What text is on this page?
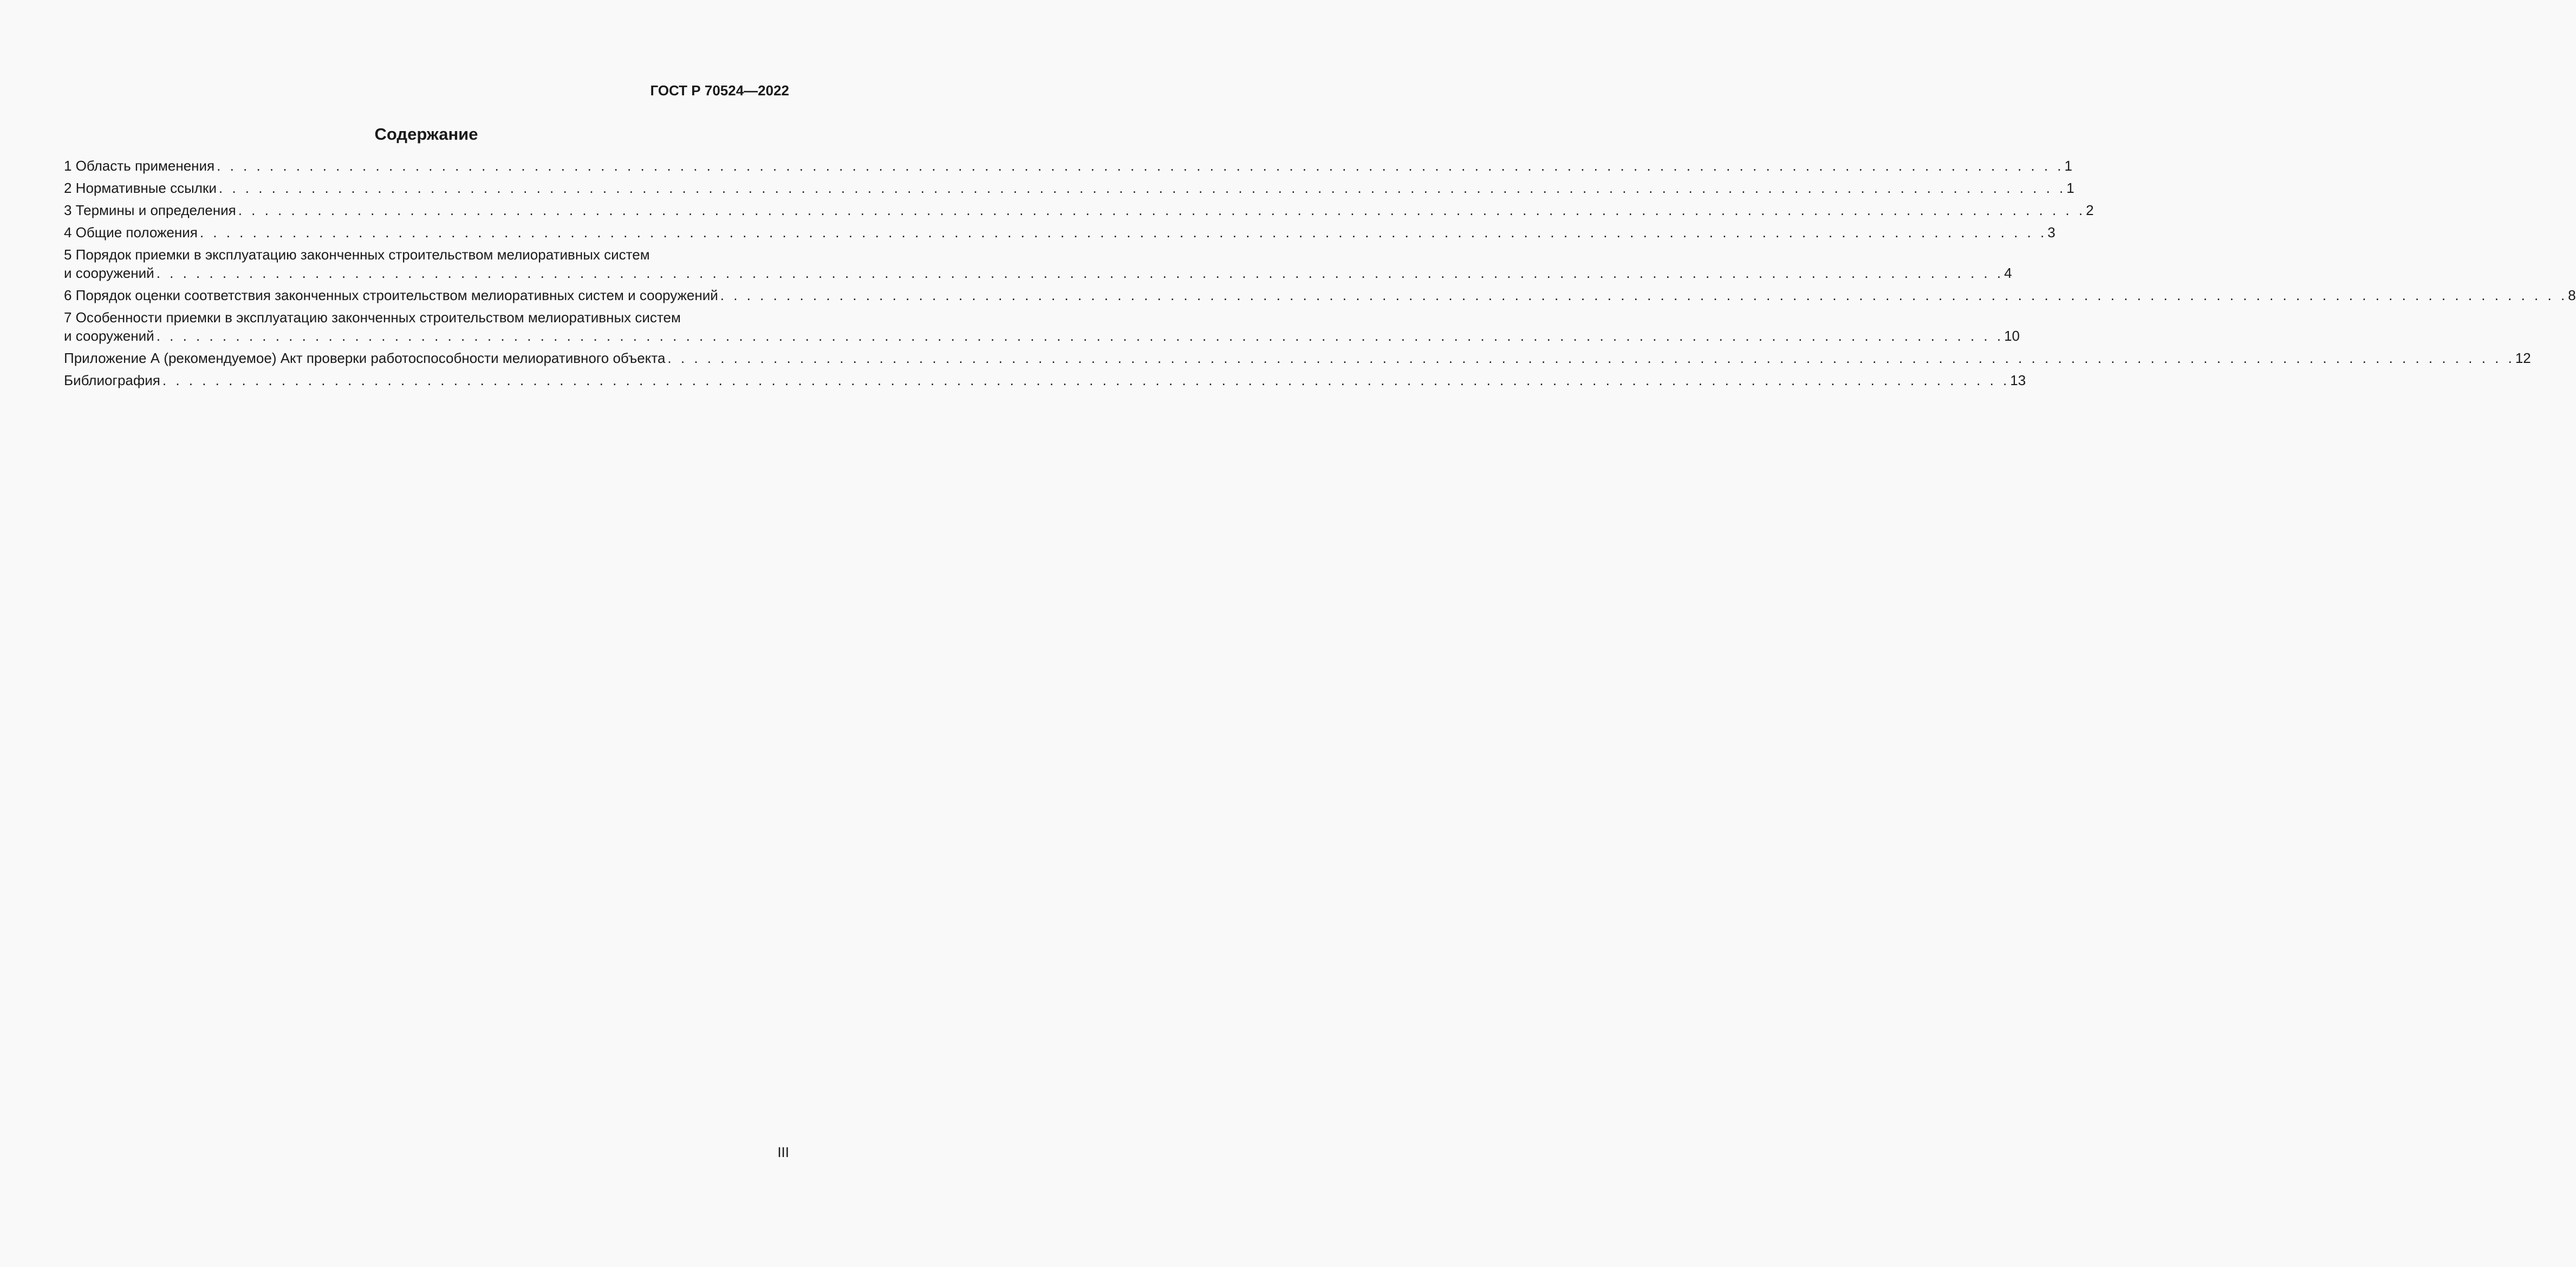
ГОСТ Р 70524—2022
Содержание
1 Область применения . . . . . . . . . . . . . . . . . . . . . . . . . . . . . . . . . . . . . . . . . . . . . . . . . . . . . . . . . . . . . . . . . . . . . . . . . . . . . . . . . . . . . . . . . . . . . . . . . . . . . . . . . . . . . . . . . . . . . . . . . . . . . . . . . . . . . . . . . . . . 1
2 Нормативные ссылки . . . . . . . . . . . . . . . . . . . . . . . . . . . . . . . . . . . . . . . . . . . . . . . . . . . . . . . . . . . . . . . . . . . . . . . . . . . . . . . . . . . . . . . . . . . . . . . . . . . . . . . . . . . . . . . . . . . . . . . . . . . . . . . . . . . . . . . . . . . . 1
3 Термины и определения . . . . . . . . . . . . . . . . . . . . . . . . . . . . . . . . . . . . . . . . . . . . . . . . . . . . . . . . . . . . . . . . . . . . . . . . . . . . . . . . . . . . . . . . . . . . . . . . . . . . . . . . . . . . . . . . . . . . . . . . . . . . . . . . . . . . . . . . . . . . 2
4 Общие положения . . . . . . . . . . . . . . . . . . . . . . . . . . . . . . . . . . . . . . . . . . . . . . . . . . . . . . . . . . . . . . . . . . . . . . . . . . . . . . . . . . . . . . . . . . . . . . . . . . . . . . . . . . . . . . . . . . . . . . . . . . . . . . . . . . . . . . . . . . . . 3
5 Порядок приемки в эксплуатацию законченных строительством мелиоративных систем
и сооружений . . . . . . . . . . . . . . . . . . . . . . . . . . . . . . . . . . . . . . . . . . . . . . . . . . . . . . . . . . . . . . . . . . . . . . . . . . . . . . . . . . . . . . . . . . . . . . . . . . . . . . . . . . . . . . . . . . . . . . . . . . . . . . . . . . . . . . . . . . . . 4
6 Порядок оценки соответствия законченных строительством мелиоративных систем и сооружений . . . . . . . . . . . . . . . . . . . . . . . . . . . . . . . . . . . . . . . . . . . . . . . . . . . . . . . . . . . . . . . . . . . . . . . . . . . . . . . . . . . . . . . . . . . . . . . . . . . . . . . . . . . . . . . . . . . . . . . . . . . . . . . . . . . . . . . . . . . . 8
7 Особенности приемки в эксплуатацию законченных строительством мелиоративных систем
и сооружений . . . . . . . . . . . . . . . . . . . . . . . . . . . . . . . . . . . . . . . . . . . . . . . . . . . . . . . . . . . . . . . . . . . . . . . . . . . . . . . . . . . . . . . . . . . . . . . . . . . . . . . . . . . . . . . . . . . . . . . . . . . . . . . . . . . . . . . . . . . . 10
Приложение А (рекомендуемое) Акт проверки работоспособности мелиоративного объекта . . . . . . . . . . . . . . . . . . . . . . . . . . . . . . . . . . . . . . . . . . . . . . . . . . . . . . . . . . . . . . . . . . . . . . . . . . . . . . . . . . . . . . . . . . . . . . . . . . . . . . . . . . . . . . . . . . . . . . . . . . . . . . . . . . . . . . . . . . . . 12
Библиография . . . . . . . . . . . . . . . . . . . . . . . . . . . . . . . . . . . . . . . . . . . . . . . . . . . . . . . . . . . . . . . . . . . . . . . . . . . . . . . . . . . . . . . . . . . . . . . . . . . . . . . . . . . . . . . . . . . . . . . . . . . . . . . . . . . . . . . . . . . . 13
III
